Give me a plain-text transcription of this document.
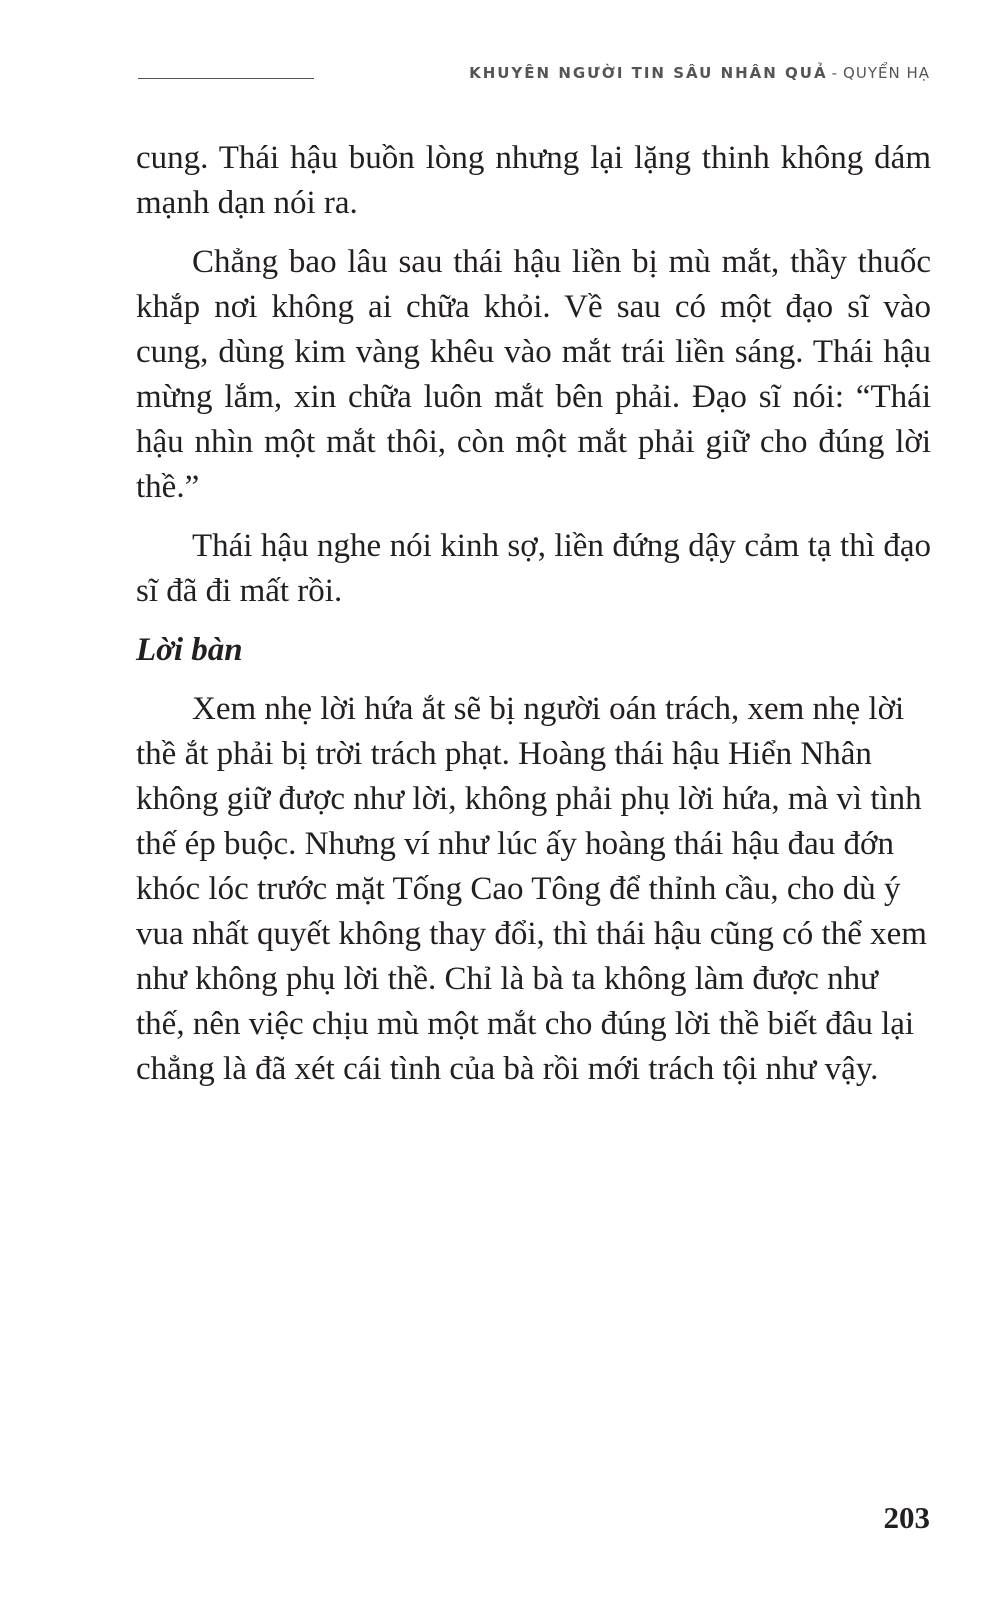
KHUYÊN NGƯỜI TIN SÂU NHÂN QUẢ - QUYỂN HẠ

cung. Thái hậu buồn lòng nhưng lại lặng thinh không dám mạnh dạn nói ra.

Chẳng bao lâu sau thái hậu liền bị mù mắt, thầy thuốc khắp nơi không ai chữa khỏi. Về sau có một đạo sĩ vào cung, dùng kim vàng khêu vào mắt trái liền sáng. Thái hậu mừng lắm, xin chữa luôn mắt bên phải. Đạo sĩ nói: “Thái hậu nhìn một mắt thôi, còn một mắt phải giữ cho đúng lời thề.”

Thái hậu nghe nói kinh sợ, liền đứng dậy cảm tạ thì đạo sĩ đã đi mất rồi.

Lời bàn

Xem nhẹ lời hứa ắt sẽ bị người oán trách, xem nhẹ lời thề ắt phải bị trời trách phạt. Hoàng thái hậu Hiển Nhân không giữ được như lời, không phải phụ lời hứa, mà vì tình thế ép buộc. Nhưng ví như lúc ấy hoàng thái hậu đau đớn khóc lóc trước mặt Tống Cao Tông để thỉnh cầu, cho dù ý vua nhất quyết không thay đổi, thì thái hậu cũng có thể xem như không phụ lời thề. Chỉ là bà ta không làm được như thế, nên việc chịu mù một mắt cho đúng lời thề biết đâu lại chẳng là đã xét cái tình của bà rồi mới trách tội như vậy.

203
